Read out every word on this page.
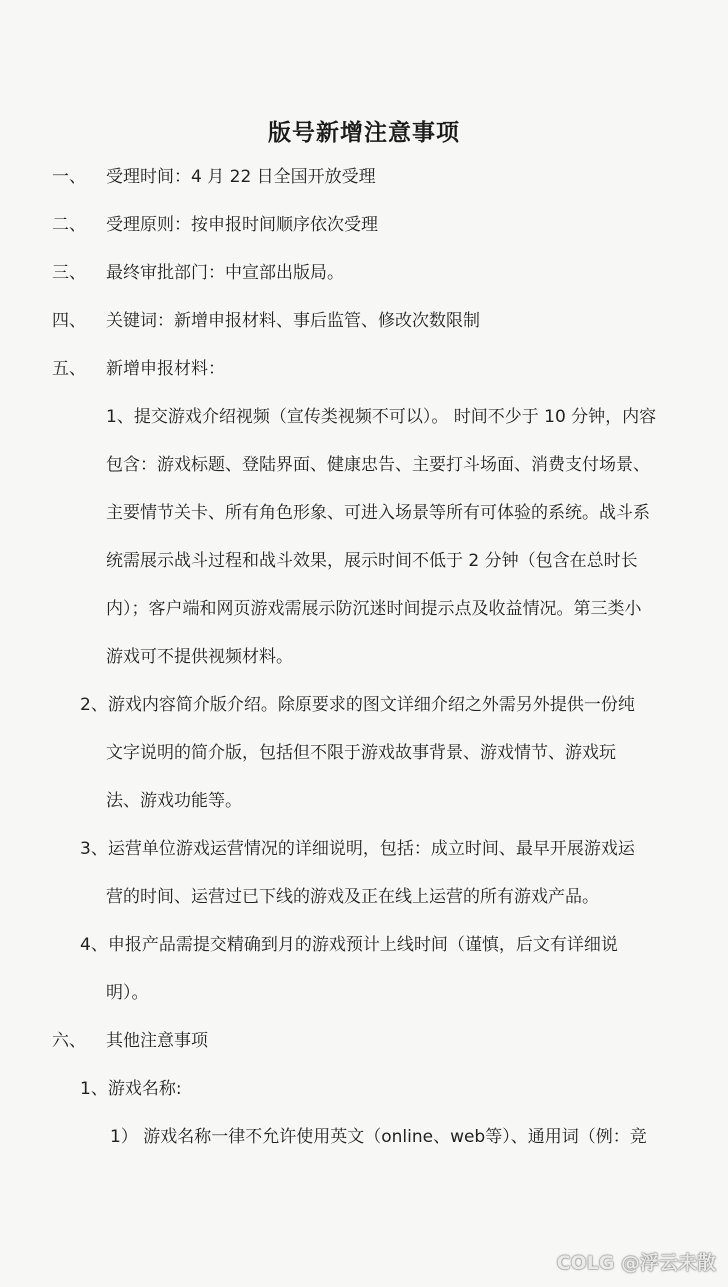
版号新增注意事项
一、 受理时间：4 月 22 日全国开放受理
二、 受理原则：按申报时间顺序依次受理
三、 最终审批部门：中宣部出版局。
四、 关键词：新增申报材料、事后监管、修改次数限制
五、 新增申报材料：
1、提交游戏介绍视频（宣传类视频不可以）。 时间不少于 10 分钟，内容
包含：游戏标题、登陆界面、健康忠告、主要打斗场面、消费支付场景、
主要情节关卡、所有角色形象、可进入场景等所有可体验的系统。战斗系
统需展示战斗过程和战斗效果，展示时间不低于 2 分钟（包含在总时长
内）；客户端和网页游戏需展示防沉迷时间提示点及收益情况。第三类小
游戏可不提供视频材料。
2、游戏内容简介版介绍。除原要求的图文详细介绍之外需另外提供一份纯
文字说明的简介版，包括但不限于游戏故事背景、游戏情节、游戏玩
法、游戏功能等。
3、运营单位游戏运营情况的详细说明，包括：成立时间、最早开展游戏运
营的时间、运营过已下线的游戏及正在线上运营的所有游戏产品。
4、申报产品需提交精确到月的游戏预计上线时间（谨慎，后文有详细说
明）。
六、 其他注意事项
1、游戏名称:
1） 游戏名称一律不允许使用英文（online、web等）、通用词（例：竞
COLG @浮云未散
